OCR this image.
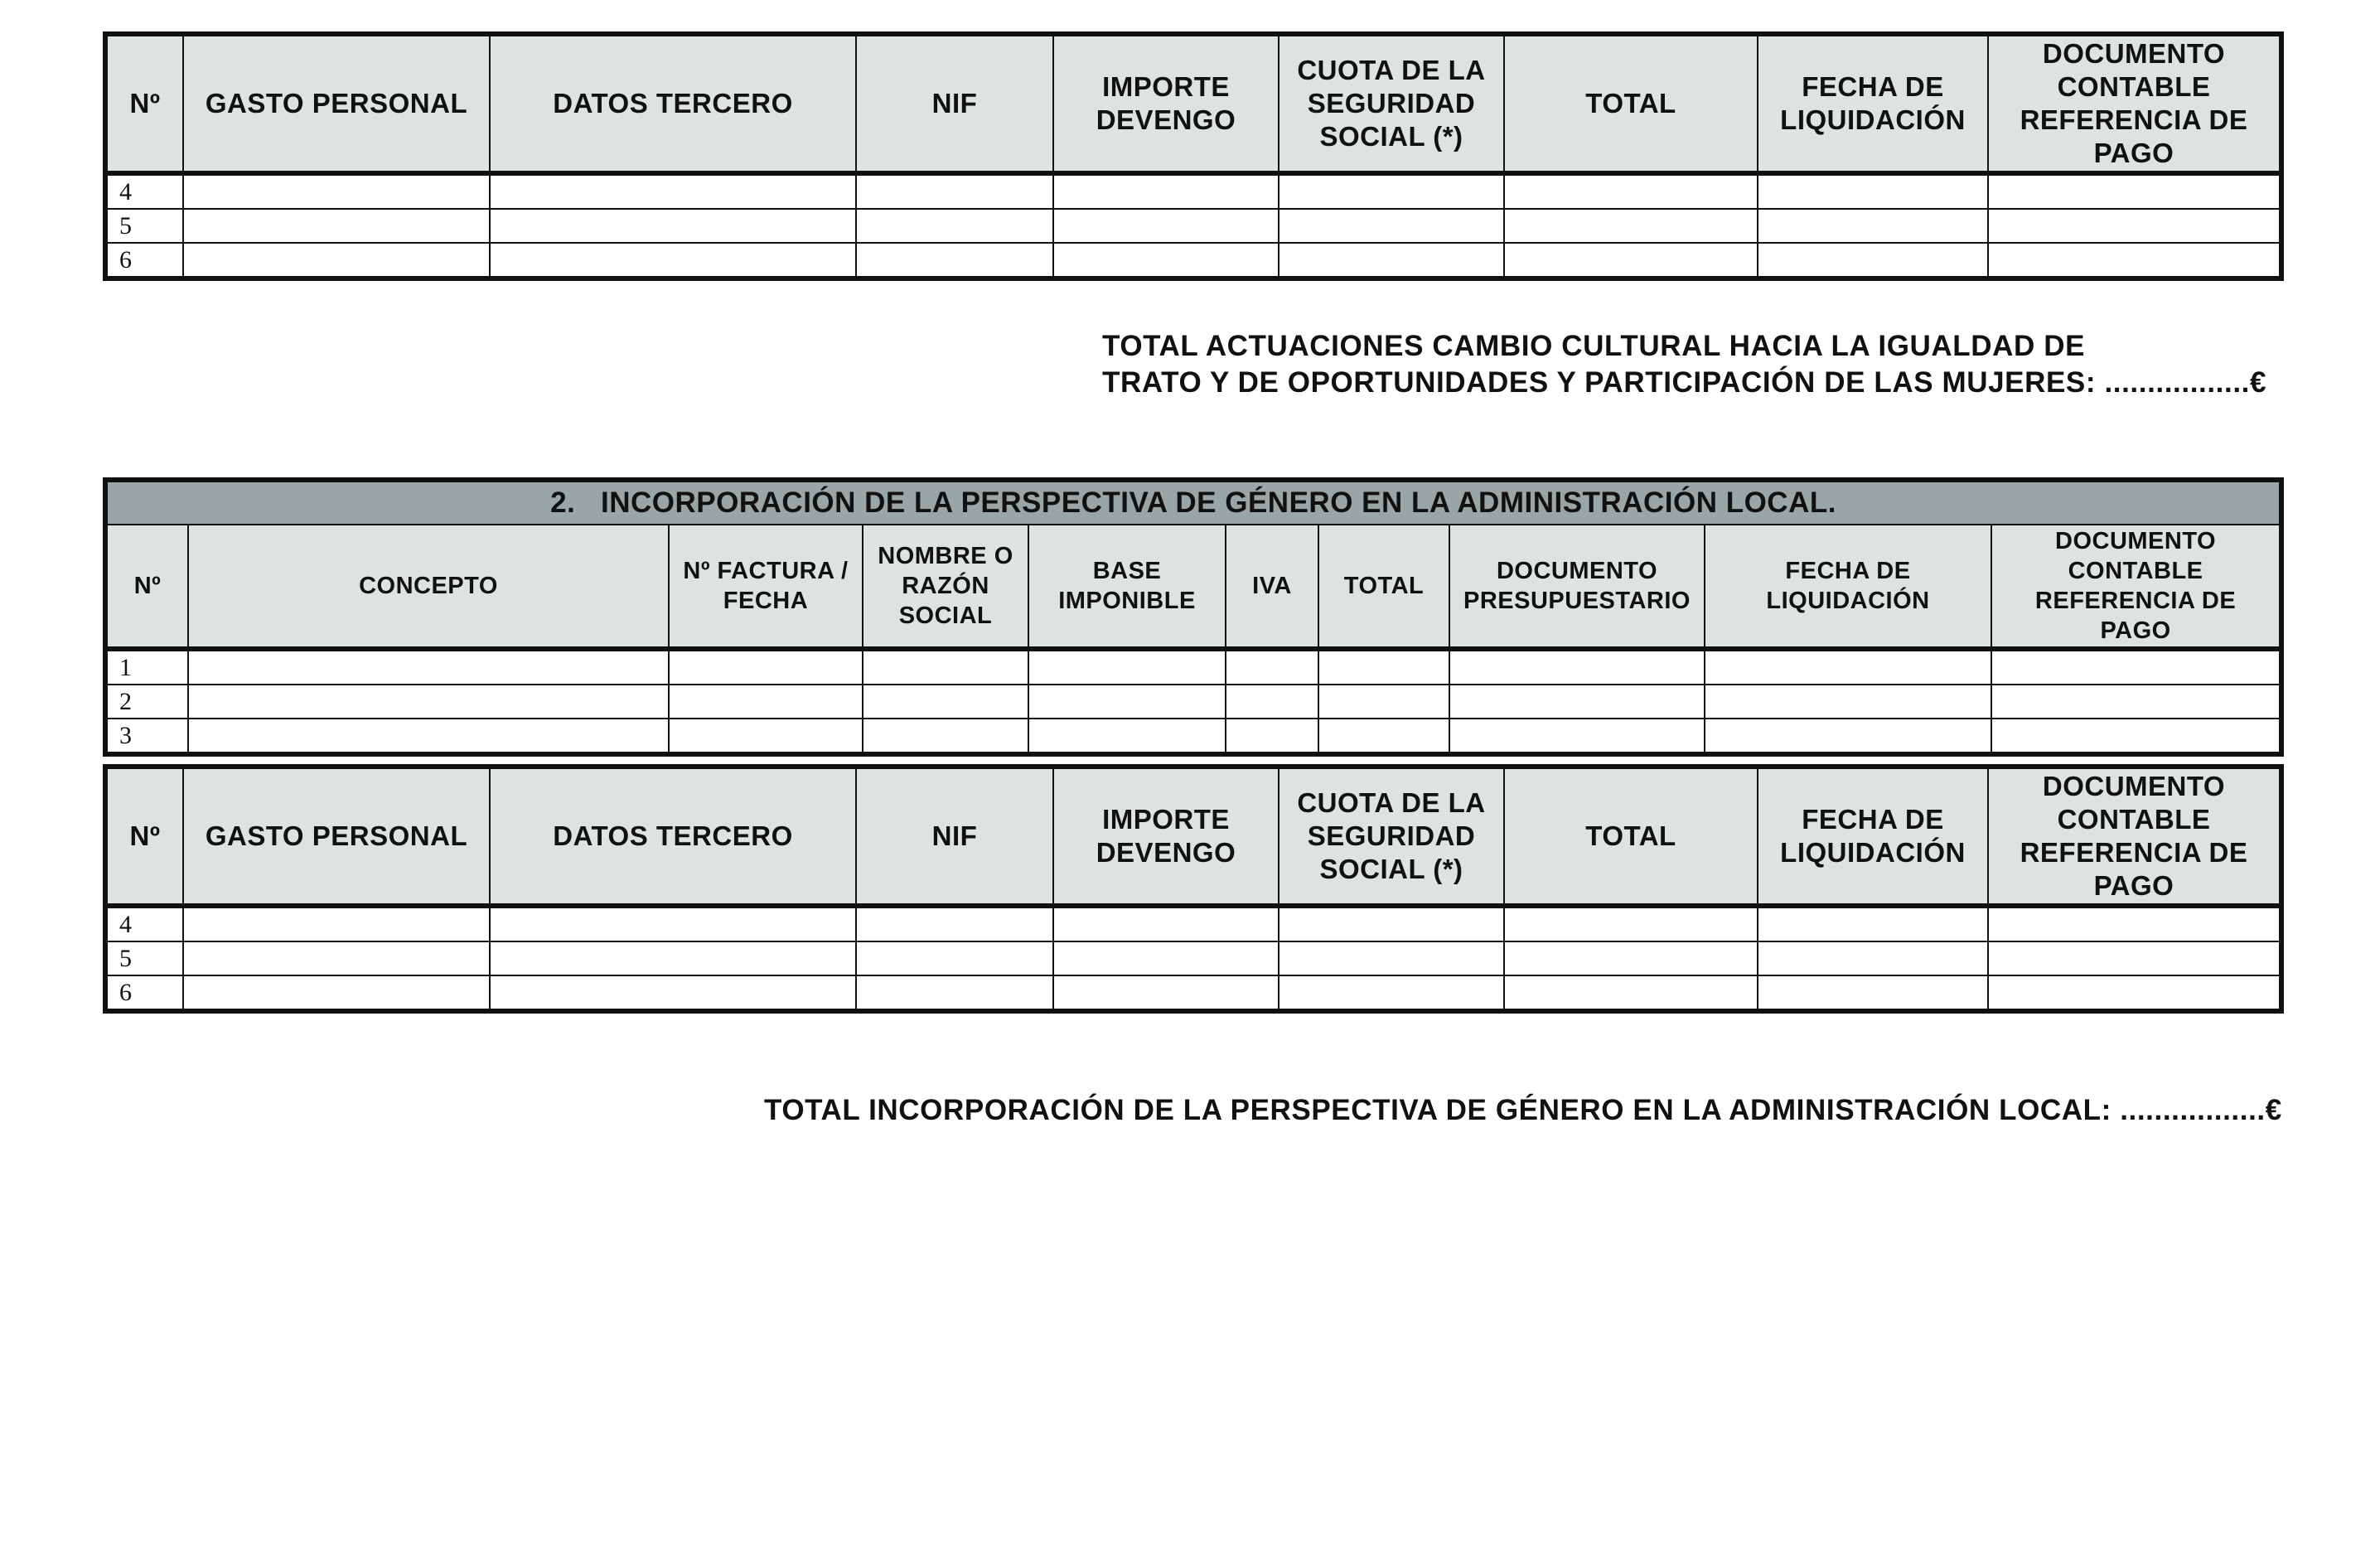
Nº	GASTO PERSONAL	DATOS TERCERO	NIF	IMPORTE DEVENGO	CUOTA DE LA SEGURIDAD SOCIAL (*)	TOTAL	FECHA DE LIQUIDACIÓN	DOCUMENTO CONTABLE REFERENCIA DE PAGO
4								
5								
6								
TOTAL ACTUACIONES CAMBIO CULTURAL HACIA LA IGUALDAD DE
TRATO Y DE OPORTUNIDADES Y PARTICIPACIÓN DE LAS MUJERES: .................€
2.   INCORPORACIÓN DE LA PERSPECTIVA DE GÉNERO EN LA ADMINISTRACIÓN LOCAL.									
Nº	CONCEPTO	Nº FACTURA / FECHA	NOMBRE O RAZÓN SOCIAL	BASE IMPONIBLE	IVA	TOTAL	DOCUMENTO PRESUPUESTARIO	FECHA DE LIQUIDACIÓN	DOCUMENTO CONTABLE REFERENCIA DE PAGO
1									
2									
3									
Nº	GASTO PERSONAL	DATOS TERCERO	NIF	IMPORTE DEVENGO	CUOTA DE LA SEGURIDAD SOCIAL (*)	TOTAL	FECHA DE LIQUIDACIÓN	DOCUMENTO CONTABLE REFERENCIA DE PAGO
4								
5								
6								
TOTAL INCORPORACIÓN DE LA PERSPECTIVA DE GÉNERO EN LA ADMINISTRACIÓN LOCAL: .................€
